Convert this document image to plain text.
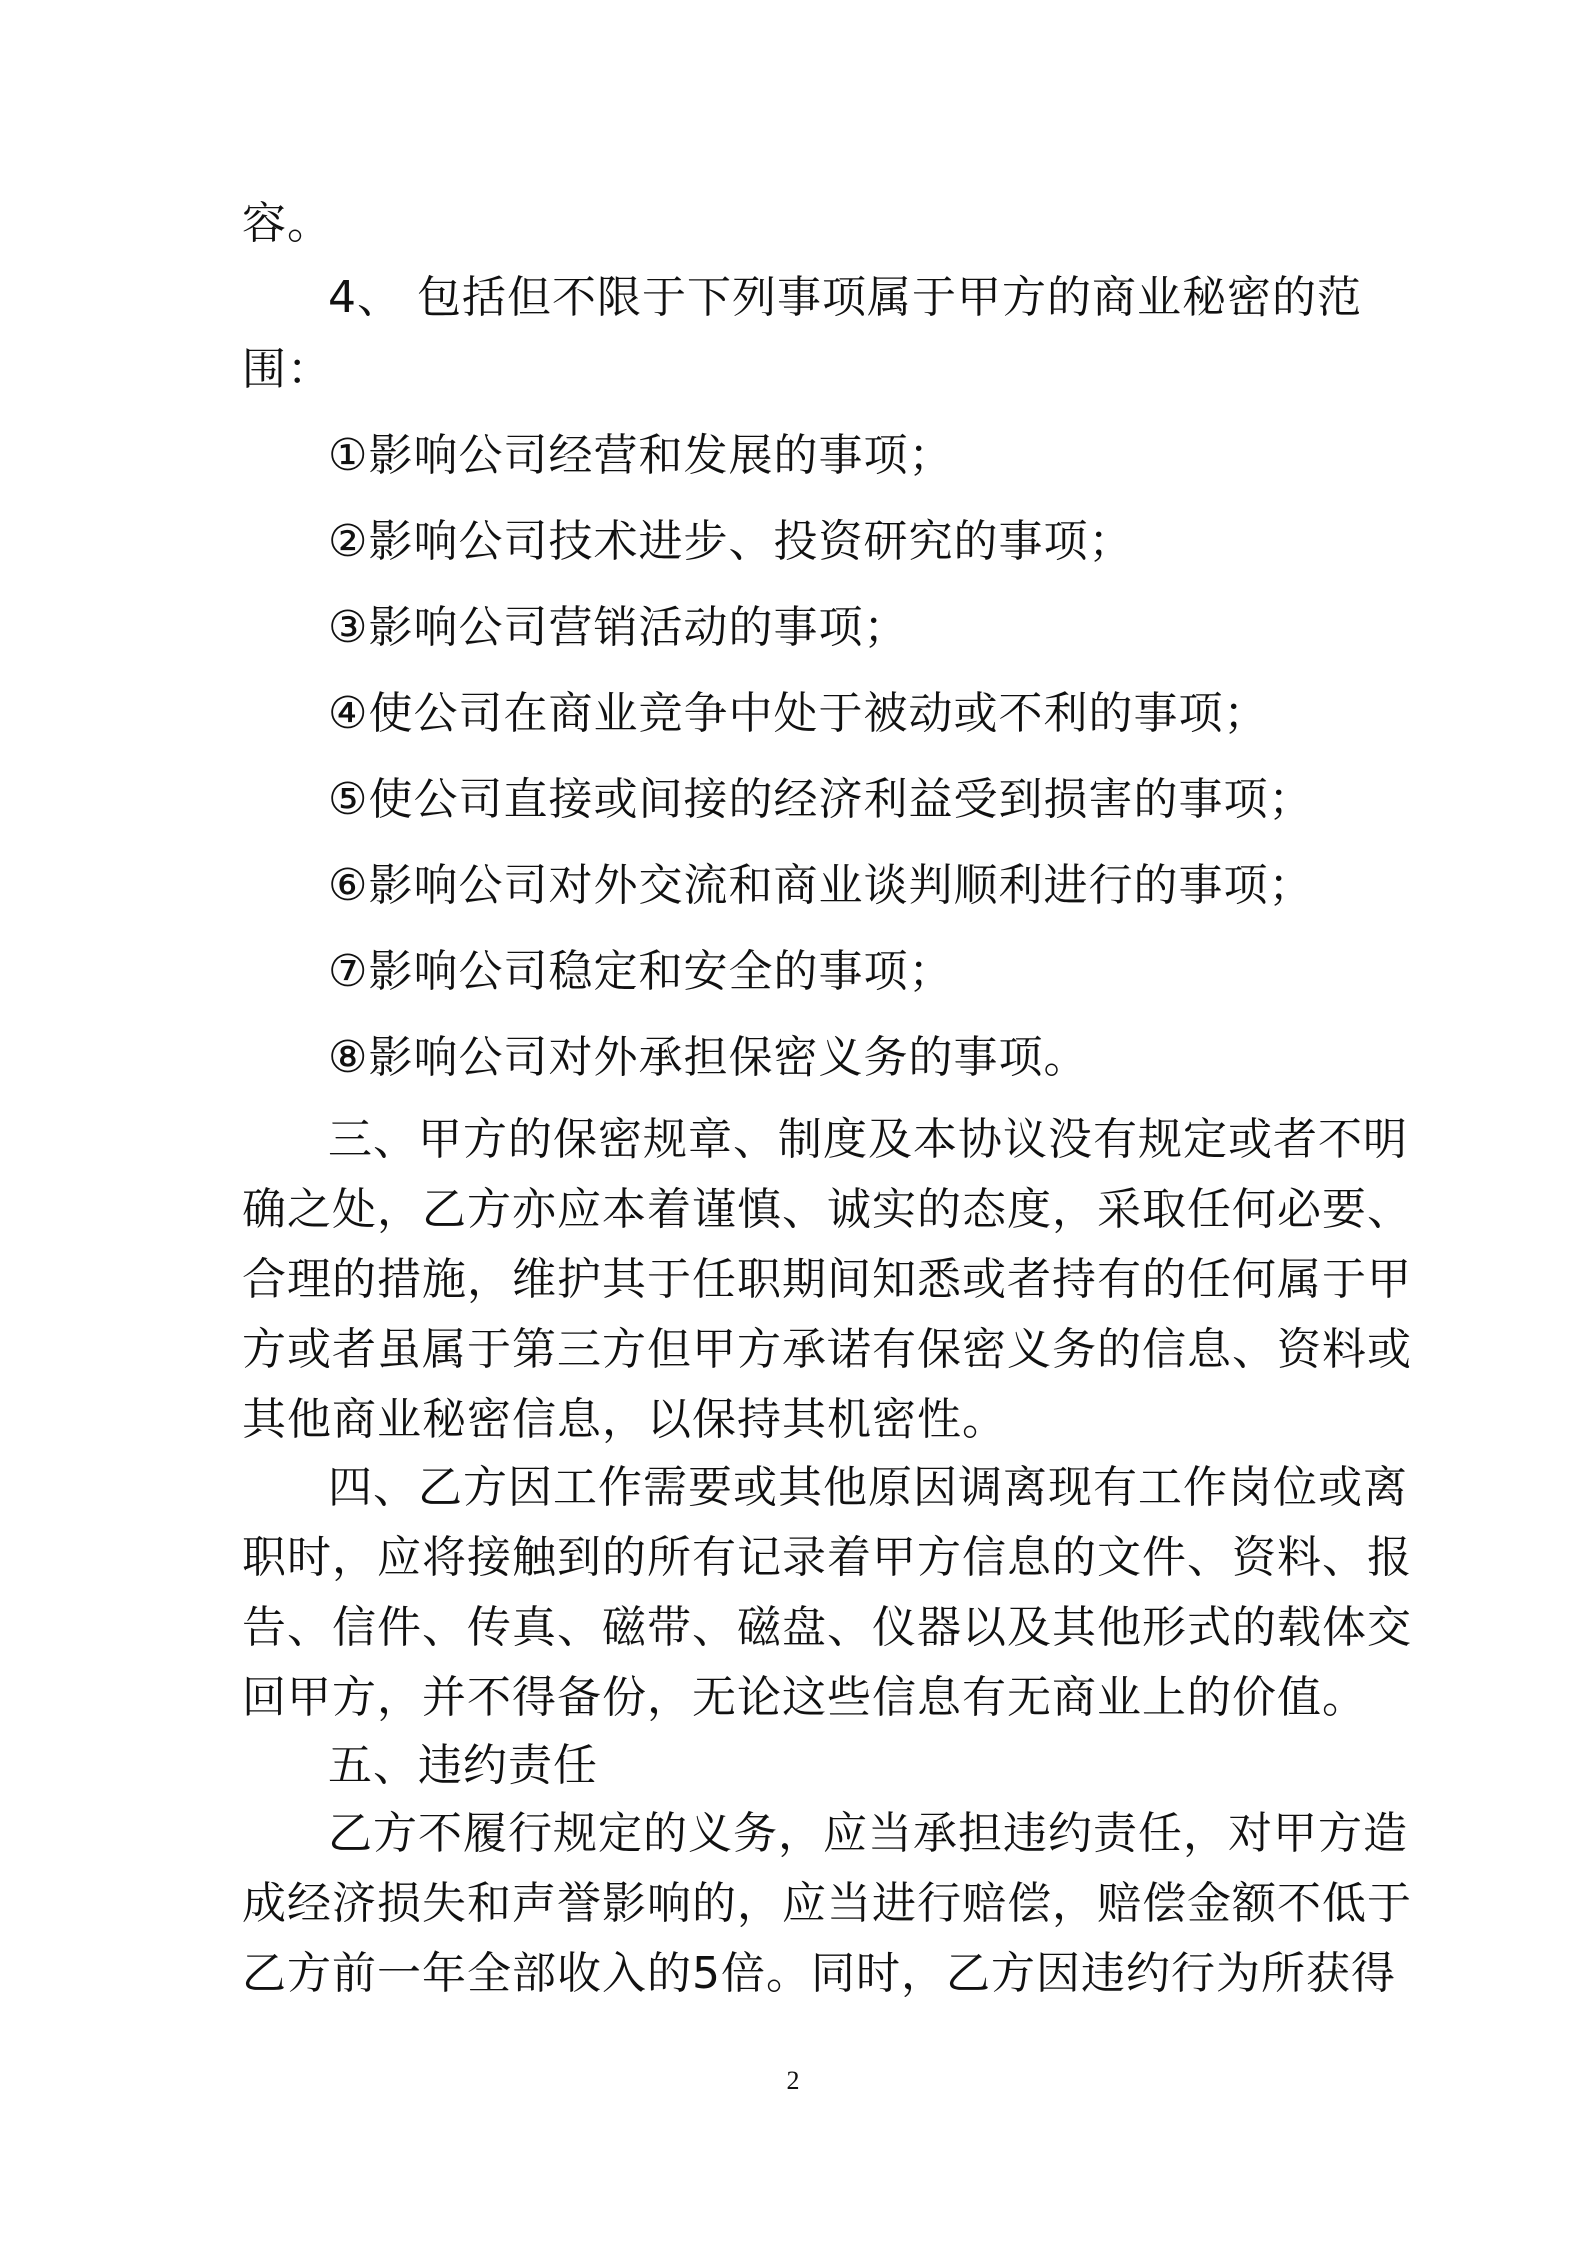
容。
4、 包括但不限于下列事项属于甲方的商业秘密的范
围：
①影响公司经营和发展的事项；
②影响公司技术进步、投资研究的事项；
③影响公司营销活动的事项；
④使公司在商业竞争中处于被动或不利的事项；
⑤使公司直接或间接的经济利益受到损害的事项；
⑥影响公司对外交流和商业谈判顺利进行的事项；
⑦影响公司稳定和安全的事项；
⑧影响公司对外承担保密义务的事项。
三、甲方的保密规章、制度及本协议没有规定或者不明
确之处，乙方亦应本着谨慎、诚实的态度，采取任何必要、
合理的措施，维护其于任职期间知悉或者持有的任何属于甲
方或者虽属于第三方但甲方承诺有保密义务的信息、资料或
其他商业秘密信息，以保持其机密性。
四、乙方因工作需要或其他原因调离现有工作岗位或离
职时，应将接触到的所有记录着甲方信息的文件、资料、报
告、信件、传真、磁带、磁盘、仪器以及其他形式的载体交
回甲方，并不得备份，无论这些信息有无商业上的价值。
五、违约责任
乙方不履行规定的义务，应当承担违约责任，对甲方造
成经济损失和声誉影响的，应当进行赔偿，赔偿金额不低于
乙方前一年全部收入的5倍。同时，乙方因违约行为所获得
2
